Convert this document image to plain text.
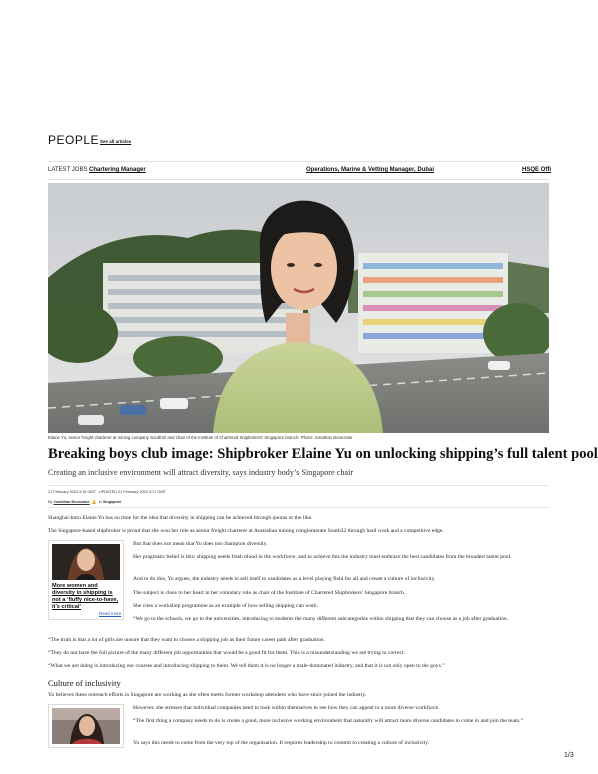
PEOPLE See all articles
LATEST JOBS Chartering Manager	Operations, Marine & Vetting Manager, Dubai	HSQE Offi
Elaine Yu, senior freight charterer at mining company South32 and chair of the Institute of Chartered Shipbrokers' Singapore branch. Photo: Jonathan Boonzaier
Breaking boys club image: Shipbroker Elaine Yu on unlocking shipping’s full talent pool
Creating an inclusive environment will attract diversity, says industry body’s Singapore chair
21 February 2024 3:15 GMT UPDATED 21 February 2024 3:17 GMT
By Jonathan Boonzaier 🔔 in Singapore
Shanghai-born Elaine Yu has no time for the idea that diversity in shipping can be achieved through quotas or the like.
The Singapore-based shipbroker is proud that she won her role as senior freight charterer at Australian mining conglomerate South32 through hard work and a competitive edge.
More women and diversity in shipping is not a ‘fluffy nice-to-have, it’s critical’
Read more
But that does not mean that Yu does not champion diversity.
Her pragmatic belief is this: shipping needs fresh blood in the workforce, and to achieve this the industry must embrace the best candidates from the broadest talent pool.
And to do this, Yu argues, the industry needs to sell itself to candidates as a level playing field for all and create a culture of inclusivity.
The subject is close to her heart in her voluntary role as chair of the Institute of Chartered Shipbrokers’ Singapore branch.
She cites a workshop programme as an example of how selling shipping can work.
“We go to the schools, we go to the universities, introducing to students the many different subcategories within shipping that they can choose as a job after graduation.
“The truth is that a lot of girls are unsure that they want to choose a shipping job as their future career path after graduation.
“They do not have the full picture of the many different job opportunities that would be a good fit for them. This is a misunderstanding we are trying to correct.
“What we are doing is introducing our courses and introducing shipping to them. We tell them it is no longer a male-dominated industry, and that it is not only open to the guys.”
Culture of inclusivity
Yu believes these outreach efforts in Singapore are working as she often meets former workshop attendees who have since joined the industry.
However, she stresses that individual companies need to look within themselves to see how they can appeal to a more diverse workforce.
“The first thing a company needs to do is create a good, more inclusive working environment that naturally will attract more diverse candidates to come in and join the team.”
Yu says this needs to come from the very top of the organisation. It requires leadership to commit to creating a culture of inclusivity.
1/3
